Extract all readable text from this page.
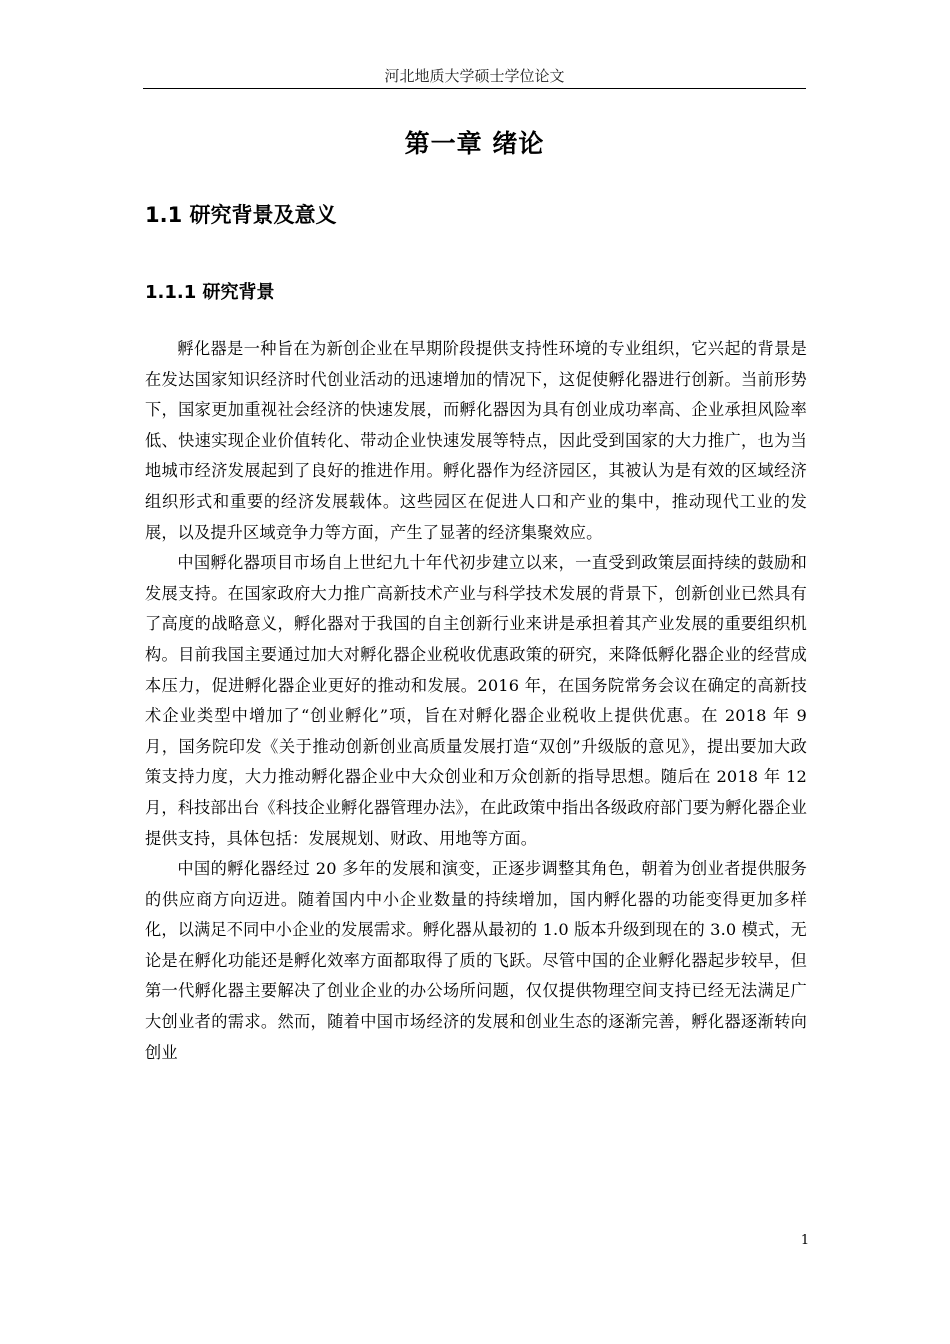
河北地质大学硕士学位论文
第一章 绪论
1.1 研究背景及意义
1.1.1 研究背景

孵化器是一种旨在为新创企业在早期阶段提供支持性环境的专业组织，它兴起的背景是在发达国家知识经济时代创业活动的迅速增加的情况下，这促使孵化器进行创新。当前形势下，国家更加重视社会经济的快速发展，而孵化器因为具有创业成功率高、企业承担风险率低、快速实现企业价值转化、带动企业快速发展等特点，因此受到国家的大力推广，也为当地城市经济发展起到了良好的推进作用。孵化器作为经济园区，其被认为是有效的区域经济组织形式和重要的经济发展载体。这些园区在促进人口和产业的集中，推动现代工业的发展，以及提升区域竞争力等方面，产生了显著的经济集聚效应。

中国孵化器项目市场自上世纪九十年代初步建立以来，一直受到政策层面持续的鼓励和发展支持。在国家政府大力推广高新技术产业与科学技术发展的背景下，创新创业已然具有了高度的战略意义，孵化器对于我国的自主创新行业来讲是承担着其产业发展的重要组织机构。目前我国主要通过加大对孵化器企业税收优惠政策的研究，来降低孵化器企业的经营成本压力，促进孵化器企业更好的推动和发展。2016 年，在国务院常务会议在确定的高新技术企业类型中增加了“创业孵化”项，旨在对孵化器企业税收上提供优惠。在 2018 年 9 月，国务院印发《关于推动创新创业高质量发展打造“双创”升级版的意见》，提出要加大政策支持力度，大力推动孵化器企业中大众创业和万众创新的指导思想。随后在 2018 年 12 月，科技部出台《科技企业孵化器管理办法》，在此政策中指出各级政府部门要为孵化器企业提供支持，具体包括：发展规划、财政、用地等方面。

中国的孵化器经过 20 多年的发展和演变，正逐步调整其角色，朝着为创业者提供服务的供应商方向迈进。随着国内中小企业数量的持续增加，国内孵化器的功能变得更加多样化，以满足不同中小企业的发展需求。孵化器从最初的 1.0 版本升级到现在的 3.0 模式，无论是在孵化功能还是孵化效率方面都取得了质的飞跃。尽管中国的企业孵化器起步较早，但第一代孵化器主要解决了创业企业的办公场所问题，仅仅提供物理空间支持已经无法满足广大创业者的需求。然而，随着中国市场经济的发展和创业生态的逐渐完善，孵化器逐渐转向创业

1
